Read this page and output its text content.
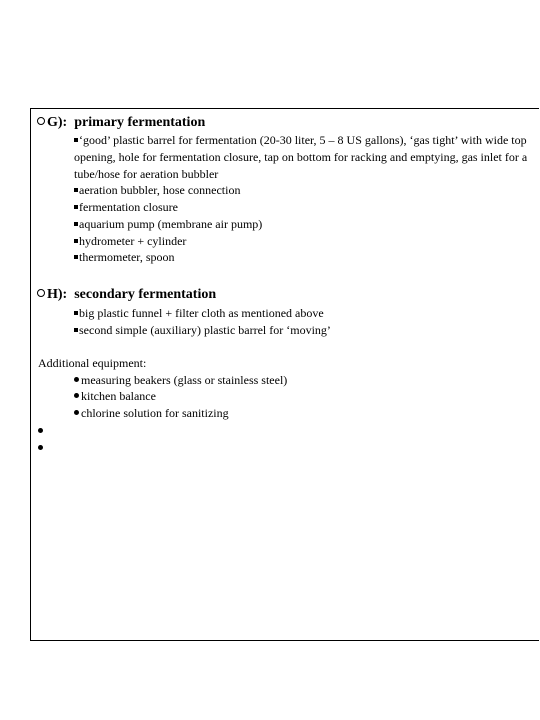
G): primary fermentation
‘good’ plastic barrel for fermentation (20-30 liter, 5 – 8 US gallons), ‘gas tight’ with wide top opening, hole for fermentation closure, tap on bottom for racking and emptying, gas inlet for a tube/hose for aeration bubbler
aeration bubbler, hose connection
fermentation closure
aquarium pump (membrane air pump)
hydrometer + cylinder
thermometer, spoon
H): secondary fermentation
big plastic funnel + filter cloth as mentioned above
second simple (auxiliary) plastic barrel for ‘moving’
Additional equipment:
measuring beakers (glass or stainless steel)
kitchen balance
chlorine solution for sanitizing
